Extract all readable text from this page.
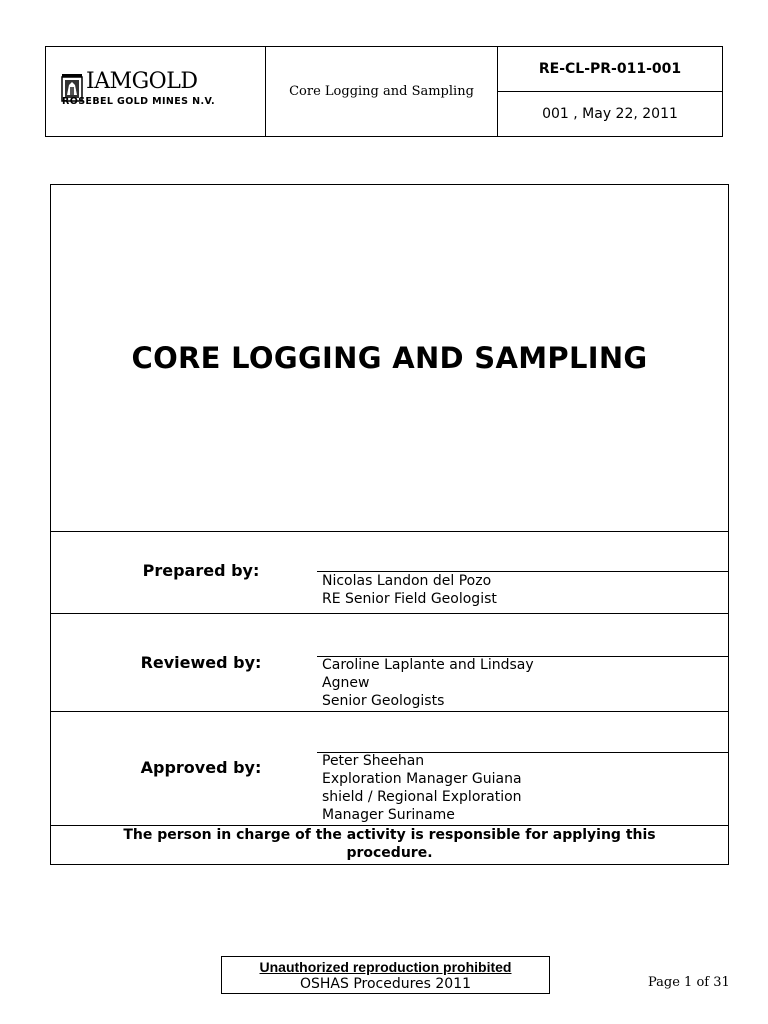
IAMGOLD
ROSEBEL GOLD MINES N.V.
Core Logging and Sampling
RE-CL-PR-011-001
001 , May 22, 2011
CORE LOGGING AND SAMPLING
Prepared by:
Nicolas Landon del Pozo
RE Senior Field Geologist
Reviewed by:	Caroline Laplante and Lindsay
Agnew
Senior Geologists
Approved by:	Peter Sheehan
Exploration Manager Guiana
shield / Regional Exploration
Manager Suriname
The person in charge of the activity is responsible for applying this
procedure.
Unauthorized reproduction prohibited
OSHAS Procedures 2011	Page 1 of 31
